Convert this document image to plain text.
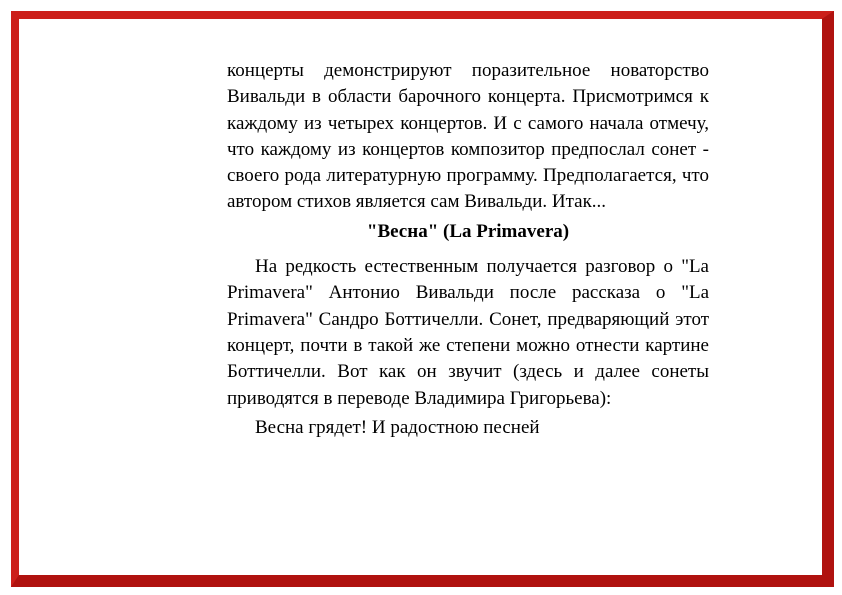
концерты демонстрируют поразительное новаторство Вивальди в области барочного концерта. Присмотримся к каждому из четырех концертов. И с самого начала отмечу, что каждому из концертов композитор предпослал сонет - своего рода литературную программу. Предполагается, что автором стихов является сам Вивальди. Итак...

"Весна" (La Primavera)

На редкость естественным получается разговор о "La Primavera" Антонио Вивальди после рассказа о "La Primavera" Сандро Боттичелли. Сонет, предваряющий этот концерт, почти в такой же степени можно отнести картине Боттичелли. Вот как он звучит (здесь и далее сонеты приводятся в переводе Владимира Григорьева):

Весна грядет! И радостною песней
